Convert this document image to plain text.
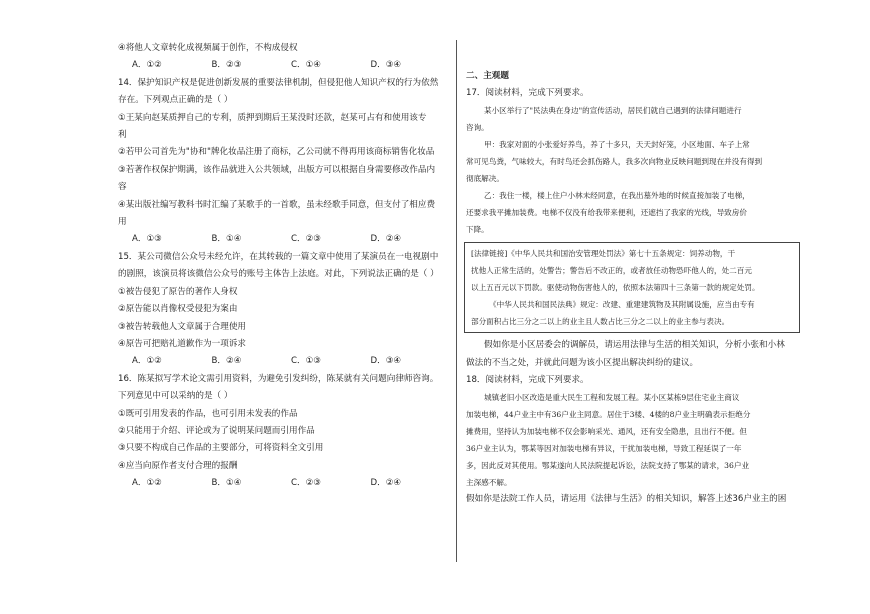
④将他人文章转化成视频属于创作，不构成侵权
A．①②	B．②③	C．①④	D．③④
14．保护知识产权是促进创新发展的重要法律机制，但侵犯他人知识产权的行为依然
存在。下列观点正确的是（ ）
①王某向赵某质押自己的专利，质押到期后王某没时还款，赵某可占有和使用该专
利
②若甲公司首先为"协和"牌化妆品注册了商标，乙公司就不得再用该商标销售化妆品
③若著作权保护期满，该作品就进入公共领域，出版方可以根据自身需要修改作品内
容
④某出版社编写教科书时汇编了某歌手的一首歌，虽未经歌手同意，但支付了相应费
用
A．①③	B．①④	C．②③	D．②④
15．某公司微信公众号未经允许，在其转载的一篇文章中使用了某演员在一电视剧中
的剧照，该演员将该微信公众号的账号主体告上法庭。对此，下列说法正确的是（ ）
①被告侵犯了原告的著作人身权
②原告能以肖像权受侵犯为案由
③被告转载他人文章属于合理使用
④原告可把赔礼道歉作为一项诉求
A．①②	B．②④	C．①③	D．③④
16．陈某拟写学术论文需引用资料，为避免引发纠纷，陈某就有关问题向律师咨询。
下列意见中可以采纳的是（ ）
①既可引用发表的作品，也可引用未发表的作品
②只能用于介绍、评论或为了说明某问题而引用作品
③只要不构成自己作品的主要部分，可将资料全文引用
④应当向原作者支付合理的报酬
A．①②	B．①④	C．②③	D．②④
二、主观题
17．阅读材料，完成下列要求。
某小区举行了"民法典在身边"的宣传活动，居民们就自己遇到的法律问题进行
咨询。
甲：我家对面的小张爱好养鸟，养了十多只，天天封好笼，小区地面、车子上常
常可见鸟粪，气味较大，有时鸟还会抓伤路人，我多次向物业反映问题到现在并没有得到
彻底解决。
乙：我住一楼，楼上住户小林未经同意，在我出墓外地的时候直接加装了电梯，
还要求我平摊加装费。电梯不仅没有给我带来便利，还遮挡了我家的光线，导致房价
下降。
[法律链接]《中华人民共和国治安管理处罚法》第七十五条规定：饲养动物，干
扰他人正常生活的，处警告；警告后不改正的，或者放任动物恐吓他人的，处二百元
以上五百元以下罚款。驱使动物伤害他人的，依照本法第四十三条第一款的规定处罚。
《中华人民共和国民法典》规定：改建、重建建筑物及其附属设施，应当由专有
部分面积占比三分之二以上的业主且人数占比三分之二以上的业主参与表决。
假如你是小区居委会的调解员，请运用法律与生活的相关知识，分析小张和小林
做法的不当之处，并就此问题为该小区提出解决纠纷的建议。
18．阅读材料，完成下列要求。
城镇老旧小区改造是重大民生工程和发展工程。某小区某栋9层住宅业主商议
加装电梯，44户业主中有36户业主同意。居住于3楼、4楼的8户业主明确表示拒绝分
摊费用，坚持认为加装电梯不仅会影响采光、通风，还有安全隐患，且出行不便。但
36户业主认为，鄂某等因对加装电梯有异议，干扰加装电梯，导致工程延误了一年
多，因此反对其使用。鄂某遂向人民法院提起诉讼，法院支持了鄂某的请求，36户业
主深感不解。
假如你是法院工作人员，请运用《法律与生活》的相关知识，解答上述36户业主的困
